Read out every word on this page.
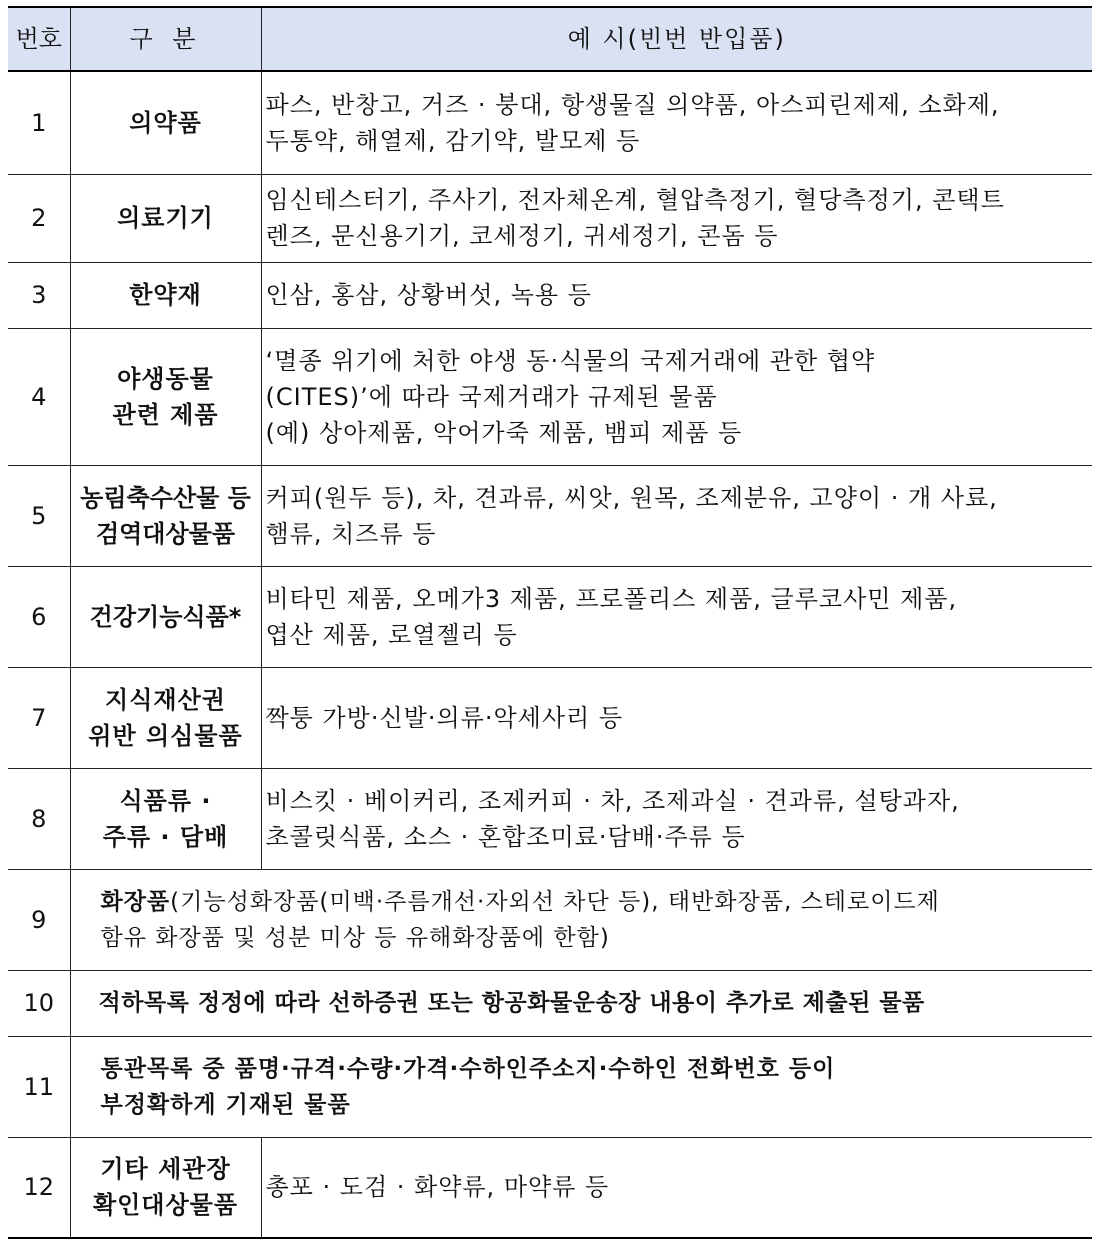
번호	구 분	예 시(빈번 반입품)
1	의약품	파스, 반창고, 거즈 · 붕대, 항생물질 의약품, 아스피린제제, 소화제,
두통약, 해열제, 감기약, 발모제 등

2	의료기기	임신테스터기, 주사기, 전자체온계, 혈압측정기, 혈당측정기, 콘택트
렌즈, 문신용기기, 코세정기, 귀세정기, 콘돔 등

3	한약재	인삼, 홍삼, 상황버섯, 녹용 등

4	야생동물
관련 제품	‘멸종 위기에 처한 야생 동·식물의 국제거래에 관한 협약
(CITES)’에 따라 국제거래가 규제된 물품
(예) 상아제품, 악어가죽 제품, 뱀피 제품 등

5	농림축수산물 등
검역대상물품	커피(원두 등), 차, 견과류, 씨앗, 원목, 조제분유, 고양이 · 개 사료,
햄류, 치즈류 등

6	건강기능식품*	비타민 제품, 오메가3 제품, 프로폴리스 제품, 글루코사민 제품,
엽산 제품, 로열젤리 등

7	지식재산권
위반 의심물품	짝퉁 가방·신발·의류·악세사리 등

8	식품류 ·
주류 · 담배	비스킷 · 베이커리, 조제커피 · 차, 조제과실 · 견과류, 설탕과자,
초콜릿식품, 소스 · 혼합조미료·담배·주류 등

9	화장품(기능성화장품(미백·주름개선·자외선 차단 등), 태반화장품, 스테로이드제
함유 화장품 및 성분 미상 등 유해화장품에 한함)	

10	적하목록 정정에 따라 선하증권 또는 항공화물운송장 내용이 추가로 제출된 물품	
11	통관목록 중 품명·규격·수량·가격·수하인주소지·수하인 전화번호 등이
부정확하게 기재된 물품	

12	기타 세관장
확인대상물품	총포 · 도검 · 화약류, 마약류 등
